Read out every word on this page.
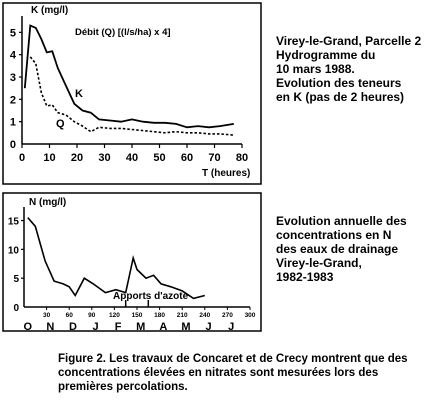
0
1
2
3
4
5
0 10 20 30 40 50 60 70 80
K (mg/l)
T (heures)
Débit (Q) [(l/s/ha) x 4]
K
Q
0
5
10
15
30 60 90 120 150 180 210 240 270 300
O N D J F M A M J J
N (mg/l)
Apports d'azote
Virey-le-Grand, Parcelle 2
Hydrogramme du
10 mars 1988.
Evolution des teneurs
en K (pas de 2 heures)
Evolution annuelle des
concentrations en N
des eaux de drainage
Virey-le-Grand,
1982-1983
Figure 2. Les travaux de Concaret et de Crecy montrent que des concentrations élevées en nitrates sont mesurées lors des premières percolations.
